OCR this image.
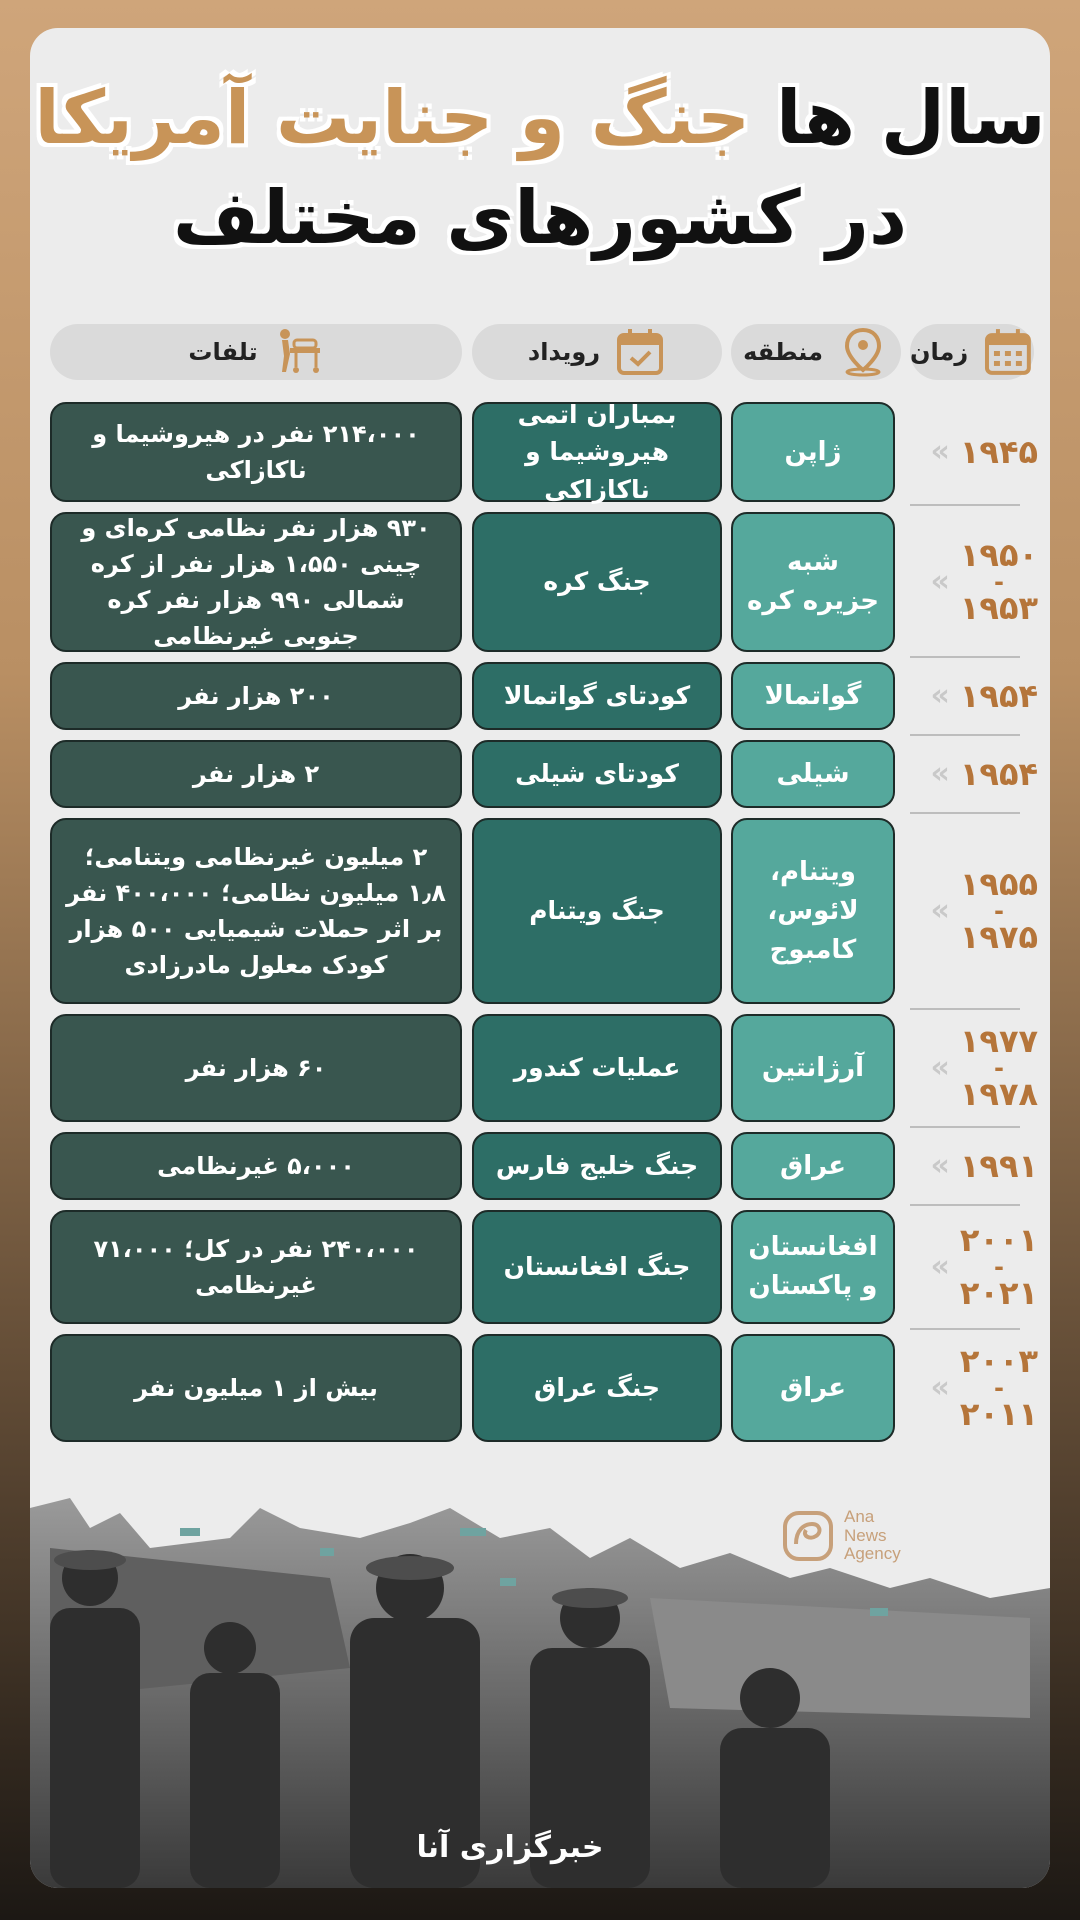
سال ها جنگ و جنایت آمریکا
در کشورهای مختلف
زمان
منطقه
رویداد
تلفات
« ۱۹۴۵
ژاپن
بمباران اتمی هیروشیما و ناکازاکی
۲۱۴،۰۰۰ نفر در هیروشیما و ناکازاکی
«
۱۹۵۰
-
۱۹۵۳
شبه جزیره کره
جنگ کره
۹۳۰ هزار نفر نظامی کره‌ای و چینی ۱،۵۵۰ هزار نفر از کره شمالی ۹۹۰ هزار نفر کره جنوبی غیرنظامی
« ۱۹۵۴
گواتمالا
کودتای گواتمالا
۲۰۰ هزار نفر
« ۱۹۵۴
شیلی
کودتای شیلی
۲ هزار نفر
«
۱۹۵۵
-
۱۹۷۵
ویتنام، لائوس، کامبوج
جنگ ویتنام
۲ میلیون غیرنظامی ویتنامی؛ ۱٫۸ میلیون نظامی؛ ۴۰۰،۰۰۰ نفر بر اثر حملات شیمیایی ۵۰۰ هزار کودک معلول مادرزادی
«
۱۹۷۷
-
۱۹۷۸
آرژانتین
عملیات کندور
۶۰ هزار نفر
« ۱۹۹۱
عراق
جنگ خلیج فارس
۵،۰۰۰ غیرنظامی
«
۲۰۰۱
-
۲۰۲۱
افغانستان و پاکستان
جنگ افغانستان
۲۴۰،۰۰۰ نفر در کل؛ ۷۱،۰۰۰ غیرنظامی
«
۲۰۰۳
-
۲۰۱۱
عراق
جنگ عراق
بیش از ۱ میلیون نفر
Ana
News
Agency
خبرگزاری آنا
